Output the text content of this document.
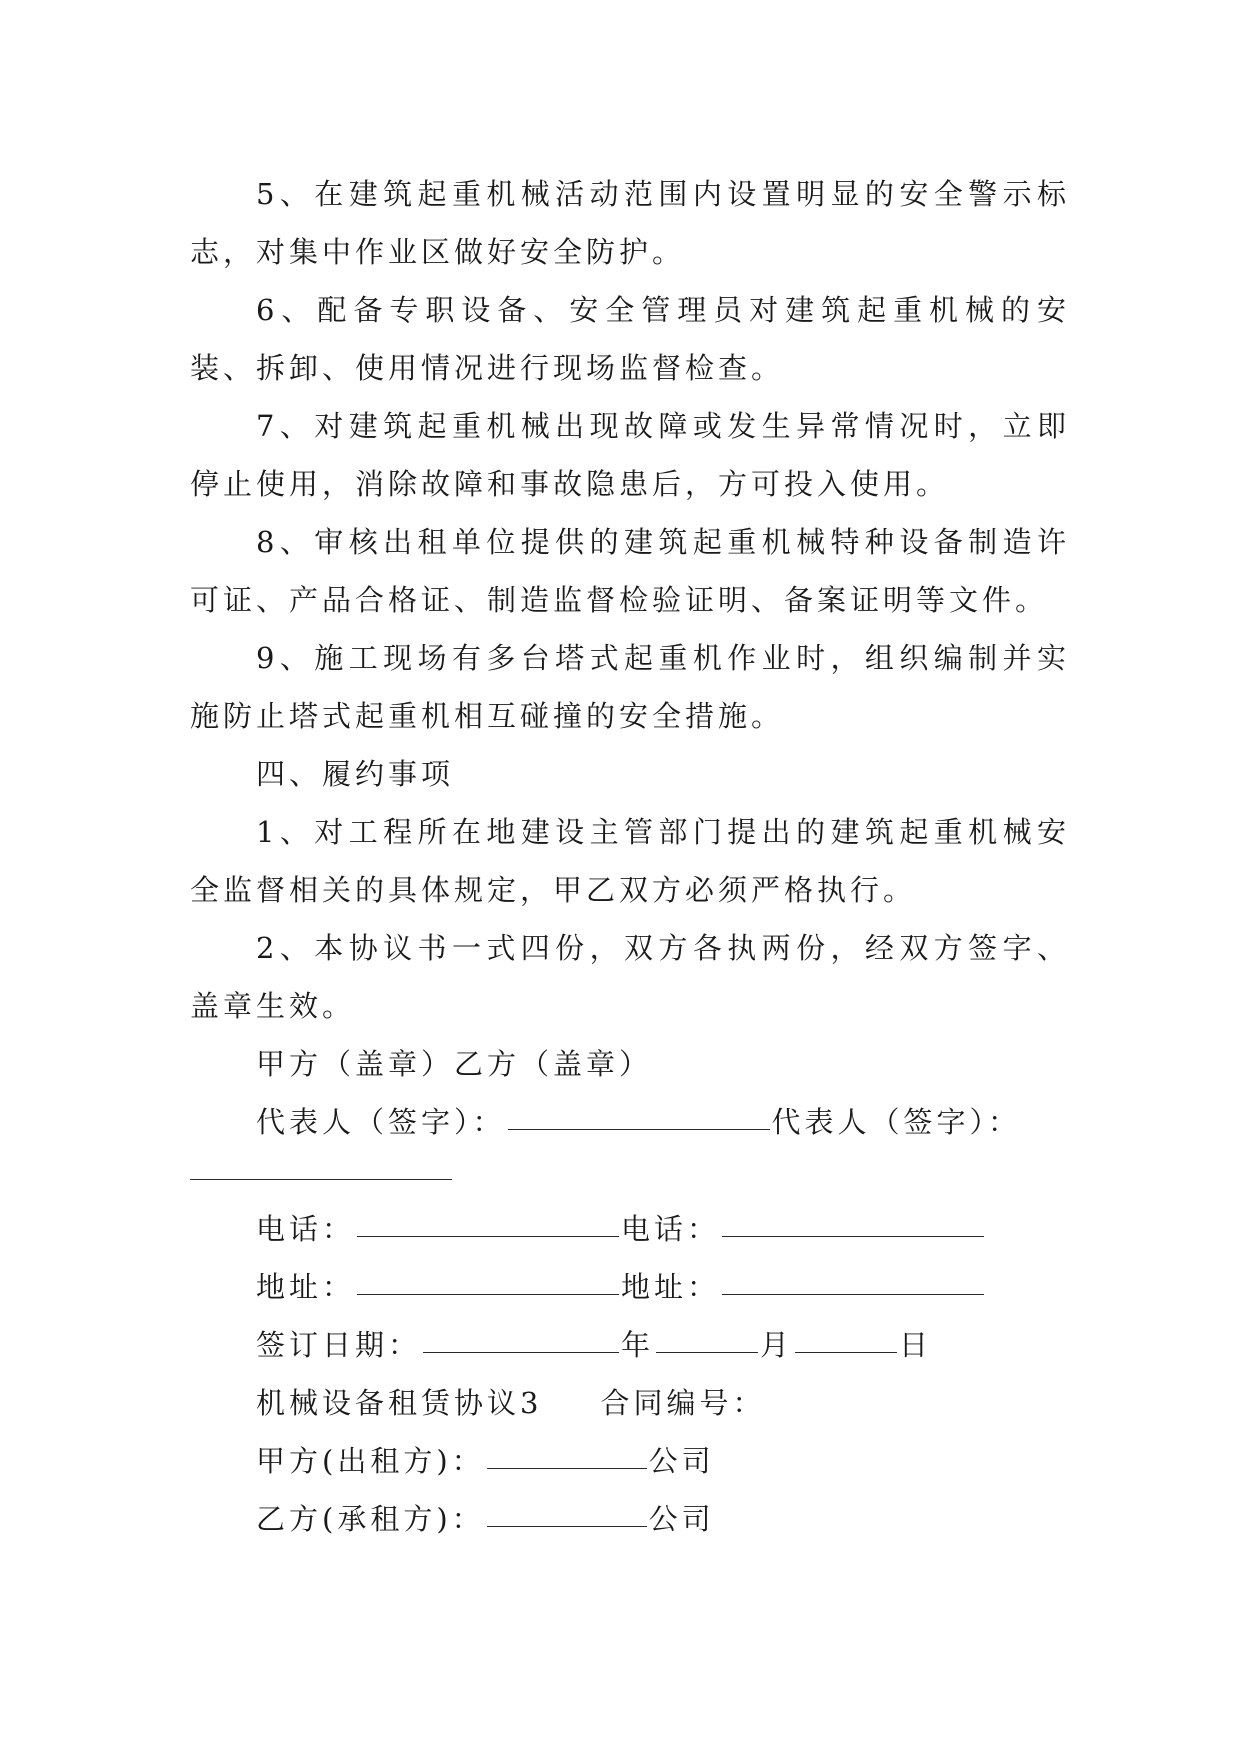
5、在建筑起重机械活动范围内设置明显的安全警示标志，对集中作业区做好安全防护。

6、配备专职设备、安全管理员对建筑起重机械的安装、拆卸、使用情况进行现场监督检查。

7、对建筑起重机械出现故障或发生异常情况时，立即停止使用，消除故障和事故隐患后，方可投入使用。

8、审核出租单位提供的建筑起重机械特种设备制造许可证、产品合格证、制造监督检验证明、备案证明等文件。

9、施工现场有多台塔式起重机作业时，组织编制并实施防止塔式起重机相互碰撞的安全措施。

四、履约事项

1、对工程所在地建设主管部门提出的建筑起重机械安全监督相关的具体规定，甲乙双方必须严格执行。

2、本协议书一式四份，双方各执两份，经双方签字、盖章生效。

甲方（盖章）乙方（盖章）

代表人（签字）：	代表人（签字）：

电话：	电话：

地址：	地址：

签订日期：	年	月	日

机械设备租赁协议3 合同编号：

甲方(出租方)：	公司

乙方(承租方)：	公司
